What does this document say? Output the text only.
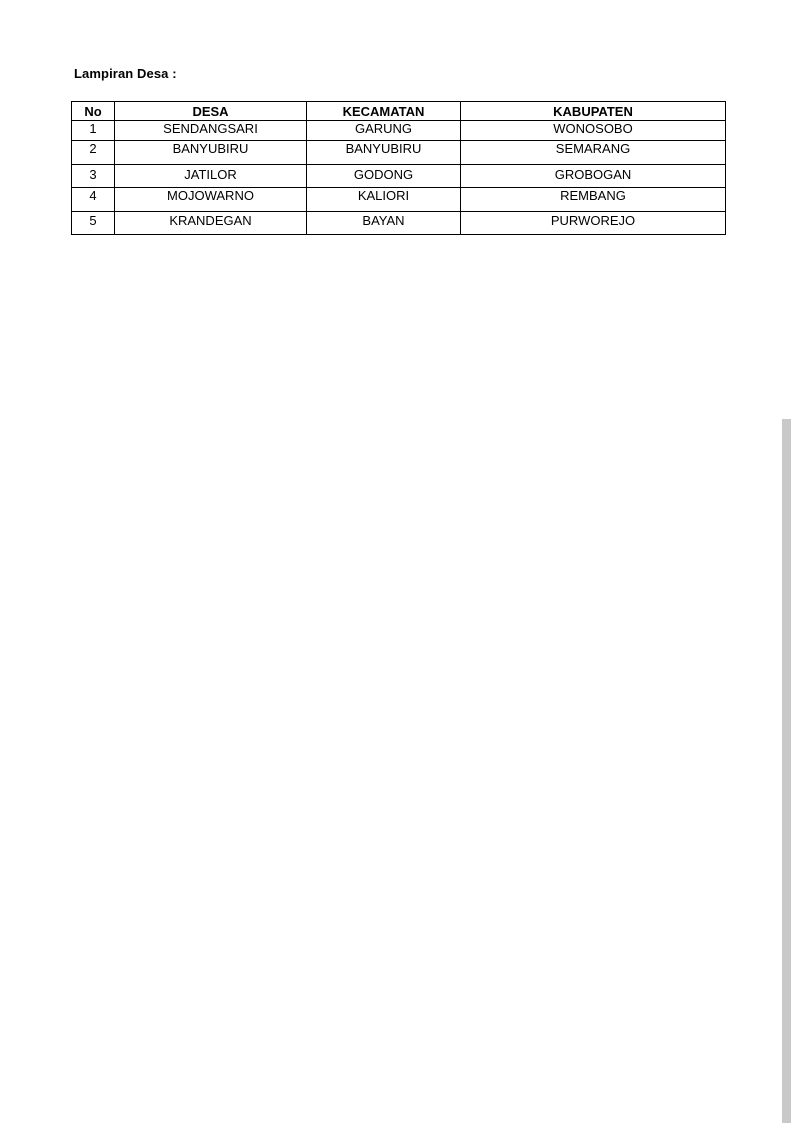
Lampiran Desa :
No	DESA	KECAMATAN	KABUPATEN
1	SENDANGSARI	GARUNG	WONOSOBO
2	BANYUBIRU	BANYUBIRU	SEMARANG
3	JATILOR	GODONG	GROBOGAN
4	MOJOWARNO	KALIORI	REMBANG
5	KRANDEGAN	BAYAN	PURWOREJO
